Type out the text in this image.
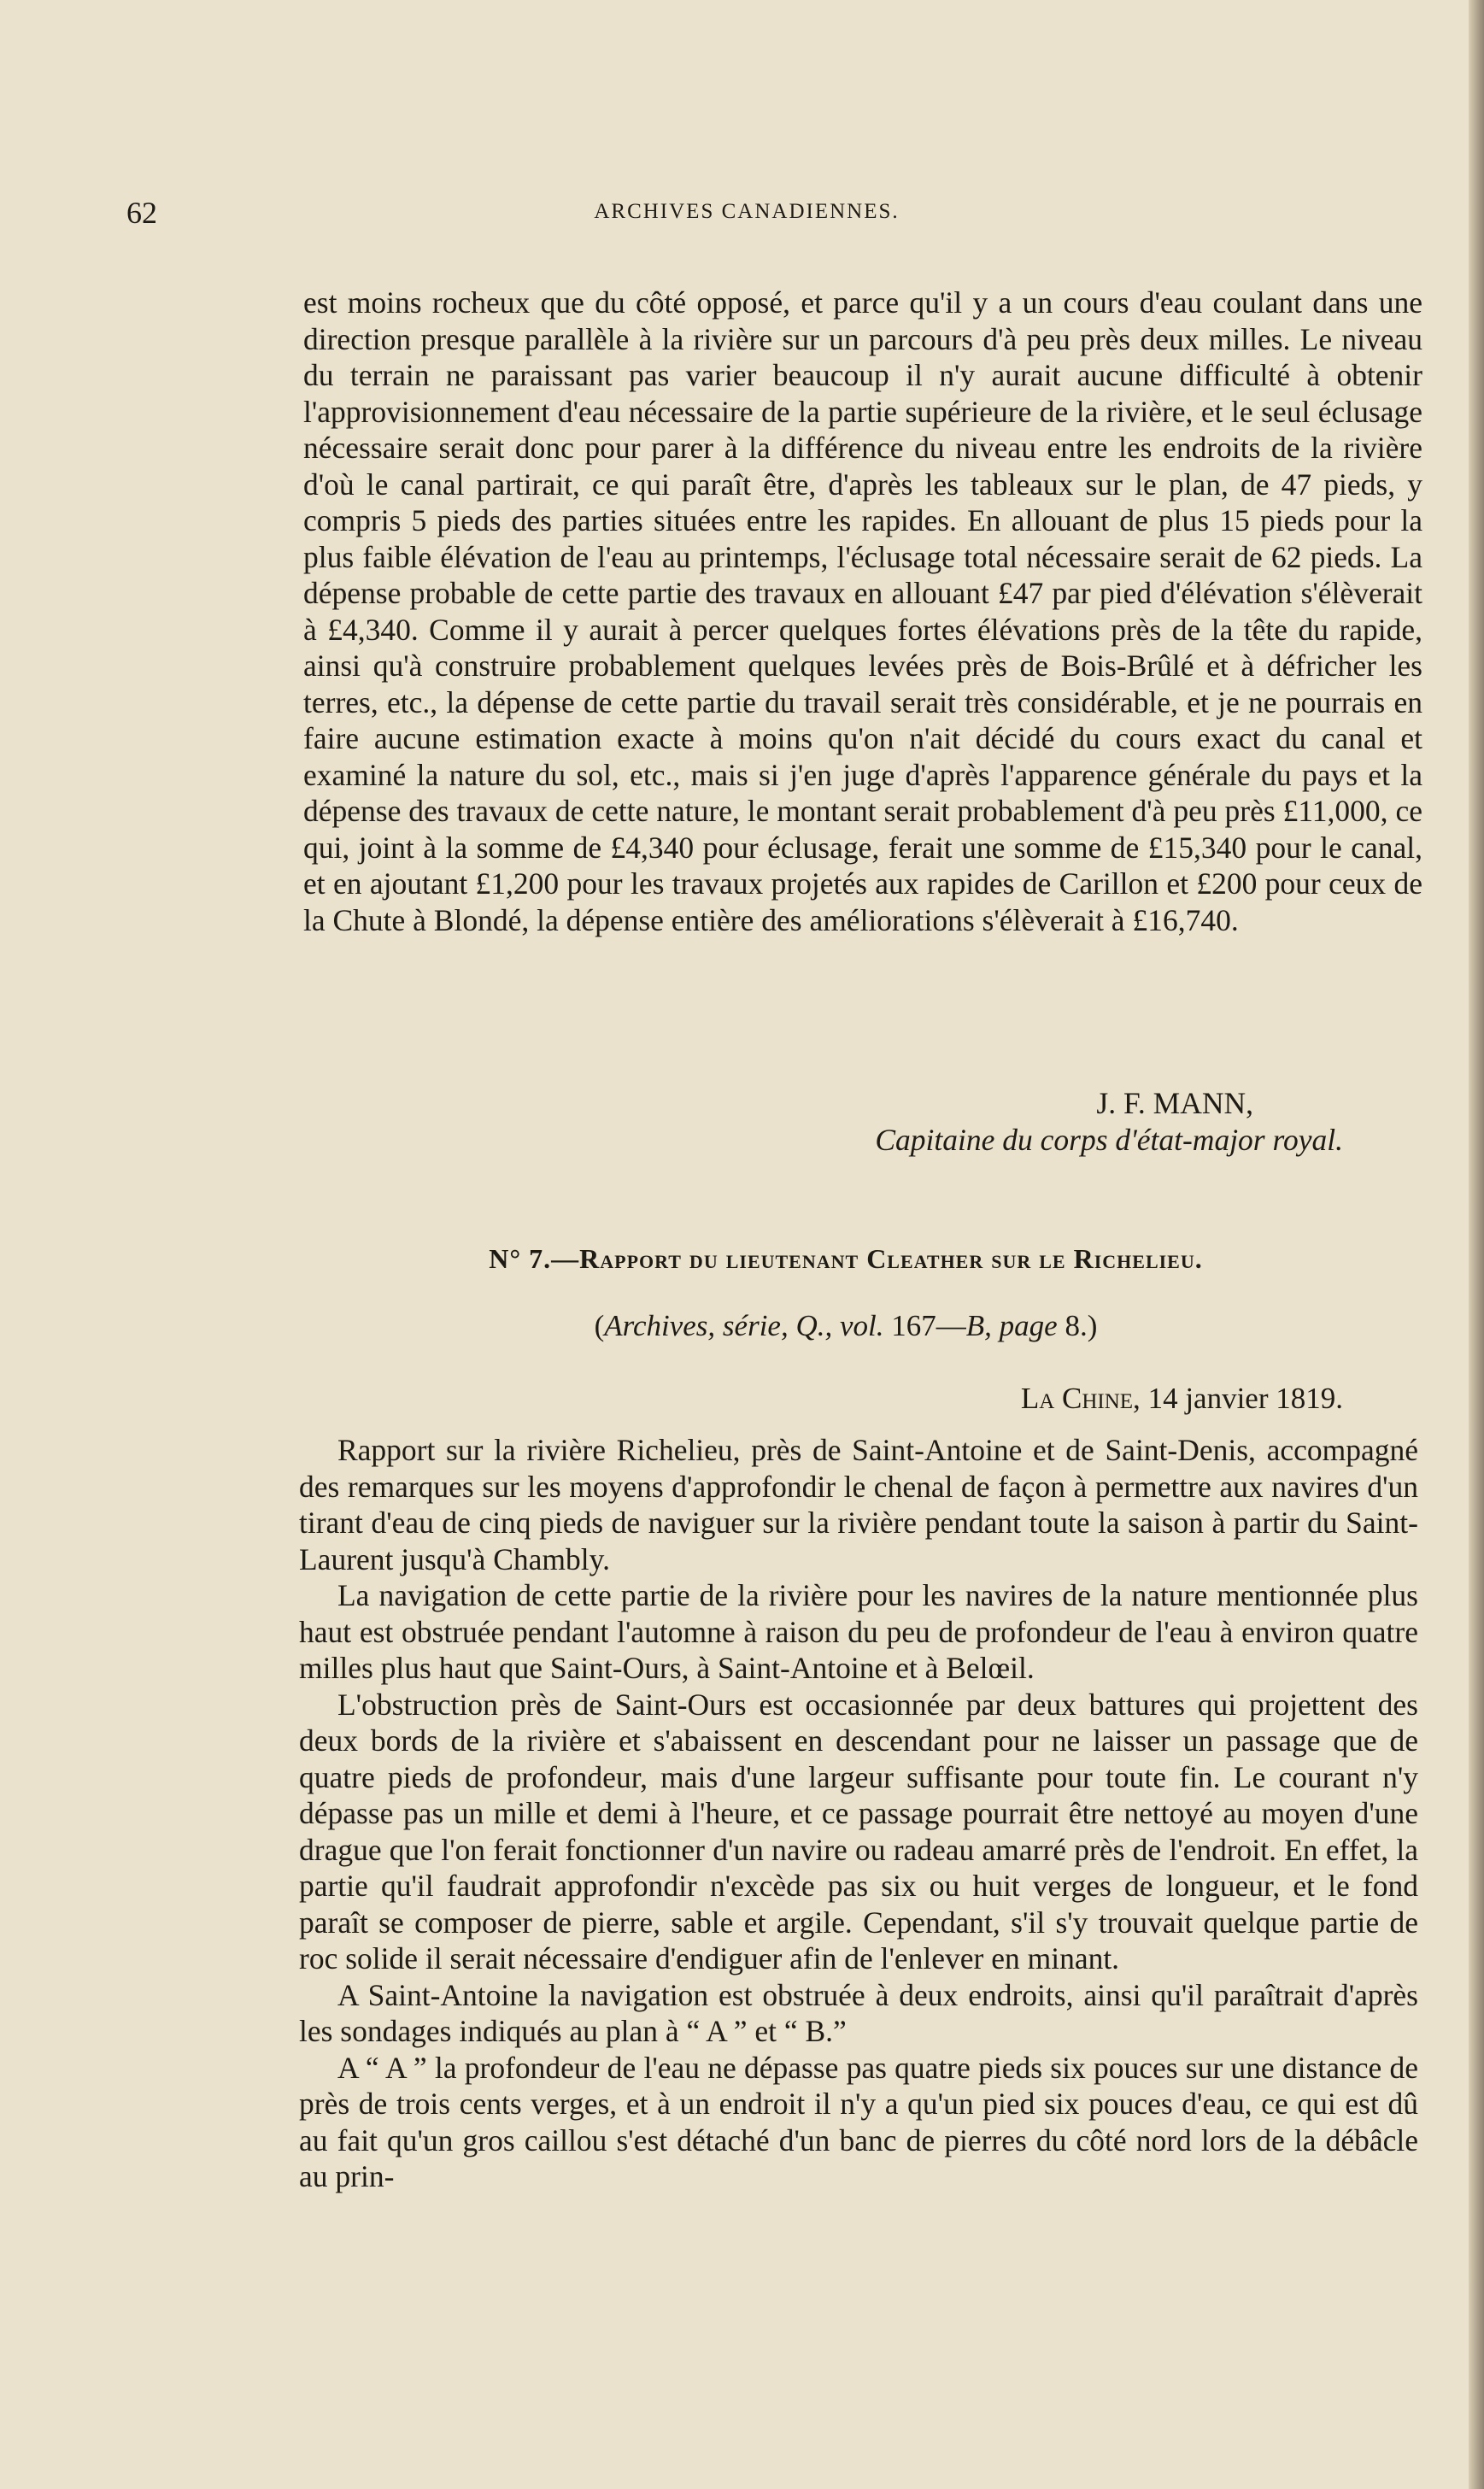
62	ARCHIVES CANADIENNES.

est moins rocheux que du côté opposé, et parce qu'il y a un cours d'eau coulant dans une direction presque parallèle à la rivière sur un parcours d'à peu près deux milles. Le niveau du terrain ne paraissant pas varier beaucoup il n'y aurait aucune difficulté à obtenir l'approvisionnement d'eau nécessaire de la partie supérieure de la rivière, et le seul éclusage nécessaire serait donc pour parer à la différence du niveau entre les endroits de la rivière d'où le canal partirait, ce qui paraît être, d'après les tableaux sur le plan, de 47 pieds, y compris 5 pieds des parties situées entre les rapides. En allouant de plus 15 pieds pour la plus faible élévation de l'eau au printemps, l'éclusage total nécessaire serait de 62 pieds. La dépense probable de cette partie des travaux en allouant £47 par pied d'élévation s'élèverait à £4,340. Comme il y aurait à percer quelques fortes élévations près de la tête du rapide, ainsi qu'à construire probablement quelques levées près de Bois-Brûlé et à défricher les terres, etc., la dépense de cette partie du travail serait très considérable, et je ne pourrais en faire aucune estimation exacte à moins qu'on n'ait décidé du cours exact du canal et examiné la nature du sol, etc., mais si j'en juge d'après l'apparence générale du pays et la dépense des travaux de cette nature, le montant serait probablement d'à peu près £11,000, ce qui, joint à la somme de £4,340 pour éclusage, ferait une somme de £15,340 pour le canal, et en ajoutant £1,200 pour les travaux projetés aux rapides de Carillon et £200 pour ceux de la Chute à Blondé, la dépense entière des améliorations s'élèverait à £16,740.

J. F. MANN,
Capitaine du corps d'état-major royal.
N° 7.—Rapport du lieutenant Cleather sur le Richelieu.
(Archives, série, Q., vol. 167—B, page 8.)
La Chine, 14 janvier 1819.

Rapport sur la rivière Richelieu, près de Saint-Antoine et de Saint-Denis, accompagné des remarques sur les moyens d'approfondir le chenal de façon à permettre aux navires d'un tirant d'eau de cinq pieds de naviguer sur la rivière pendant toute la saison à partir du Saint-Laurent jusqu'à Chambly.

La navigation de cette partie de la rivière pour les navires de la nature mentionnée plus haut est obstruée pendant l'automne à raison du peu de profondeur de l'eau à environ quatre milles plus haut que Saint-Ours, à Saint-Antoine et à Belœil.

L'obstruction près de Saint-Ours est occasionnée par deux battures qui projettent des deux bords de la rivière et s'abaissent en descendant pour ne laisser un passage que de quatre pieds de profondeur, mais d'une largeur suffisante pour toute fin. Le courant n'y dépasse pas un mille et demi à l'heure, et ce passage pourrait être nettoyé au moyen d'une drague que l'on ferait fonctionner d'un navire ou radeau amarré près de l'endroit. En effet, la partie qu'il faudrait approfondir n'excède pas six ou huit verges de longueur, et le fond paraît se composer de pierre, sable et argile. Cependant, s'il s'y trouvait quelque partie de roc solide il serait nécessaire d'endiguer afin de l'enlever en minant.

A Saint-Antoine la navigation est obstruée à deux endroits, ainsi qu'il paraîtrait d'après les sondages indiqués au plan à “ A ” et “ B.”

A “ A ” la profondeur de l'eau ne dépasse pas quatre pieds six pouces sur une distance de près de trois cents verges, et à un endroit il n'y a qu'un pied six pouces d'eau, ce qui est dû au fait qu'un gros caillou s'est détaché d'un banc de pierres du côté nord lors de la débâcle au prin-
